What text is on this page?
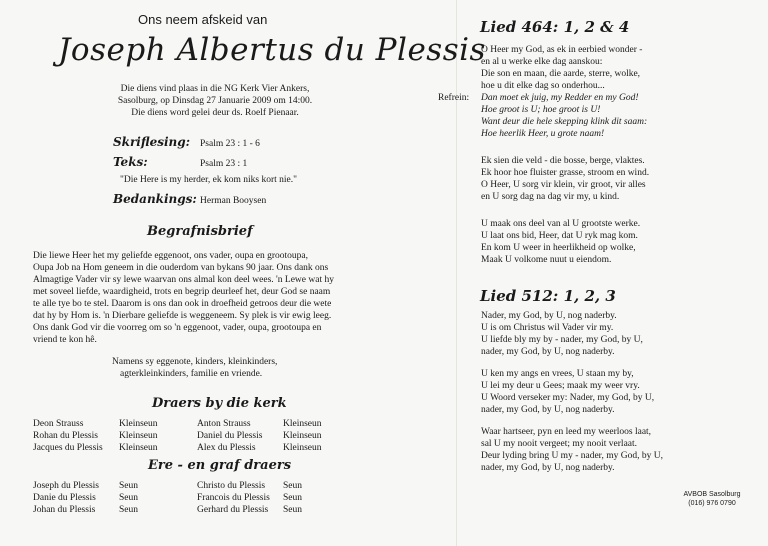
Ons neem afskeid van
Joseph Albertus du Plessis
Die diens vind plaas in die NG Kerk Vier Ankers,
Sasolburg, op Dinsdag 27 Januarie 2009 om 14:00.
Die diens word gelei deur ds. Roelf Pienaar.
Skriflesing: Psalm 23 : 1 - 6
Teks:	Psalm 23 : 1
"Die Here is my herder, ek kom niks kort nie."
Bedankings: Herman Booysen
Begrafnisbrief
Die liewe Heer het my geliefde eggenoot, ons vader, oupa en grootoupa,
Oupa Job na Hom geneem in die ouderdom van bykans 90 jaar. Ons dank ons
Almagtige Vader vir sy lewe waarvan ons almal kon deel wees. 'n Lewe wat hy
met soveel liefde, waardigheid, trots en begrip deurleef het, deur God se naam
te alle tye bo te stel. Daarom is ons dan ook in droefheid getroos deur die wete
dat hy by Hom is. 'n Dierbare geliefde is weggeneem. Sy plek is vir ewig leeg.
Ons dank God vir die voorreg om so 'n eggenoot, vader, oupa, grootoupa en
vriend te kon hê.
Namens sy eggenote, kinders, kleinkinders,
agterkleinkinders, familie en vriende.
Draers by die kerk
Deon Strauss	Kleinseun	Anton Strauss	Kleinseun
Rohan du Plessis	Kleinseun	Daniel du Plessis	Kleinseun
Jacques du Plessis	Kleinseun	Alex du Plessis	Kleinseun
Ere - en graf draers
Joseph du Plessis	Seun	Christo du Plessis	Seun
Danie du Plessis	Seun	Francois du Plessis	Seun
Johan du Plessis	Seun	Gerhard du Plessis	Seun
Lied 464: 1, 2 & 4
O Heer my God, as ek in eerbied wonder -
en al u werke elke dag aanskou:
Die son en maan, die aarde, sterre, wolke,
hoe u dit elke dag so onderhou...
Refrein: Dan moet ek juig, my Redder en my God!
Hoe groot is U; hoe groot is U!
Want deur die hele skepping klink dit saam:
Hoe heerlik Heer, u grote naam!
Ek sien die veld - die bosse, berge, vlaktes.
Ek hoor hoe fluister grasse, stroom en wind.
O Heer, U sorg vir klein, vir groot, vir alles
en U sorg dag na dag vir my, u kind.
U maak ons deel van al U grootste werke.
U laat ons bid, Heer, dat U ryk mag kom.
En kom U weer in heerlikheid op wolke,
Maak U volkome nuut u eiendom.
Lied 512: 1, 2, 3
Nader, my God, by U, nog naderby.
U is om Christus wil Vader vir my.
U liefde bly my by - nader, my God, by U,
nader, my God, by U, nog naderby.
U ken my angs en vrees, U staan my by,
U lei my deur u Gees; maak my weer vry.
U Woord verseker my: Nader, my God, by U,
nader, my God, by U, nog naderby.
Waar hartseer, pyn en leed my weerloos laat,
sal U my nooit vergeet; my nooit verlaat.
Deur lyding bring U my - nader, my God, by U,
nader, my God, by U, nog naderby.
AVBOB Sasolburg
(016) 976 0790
